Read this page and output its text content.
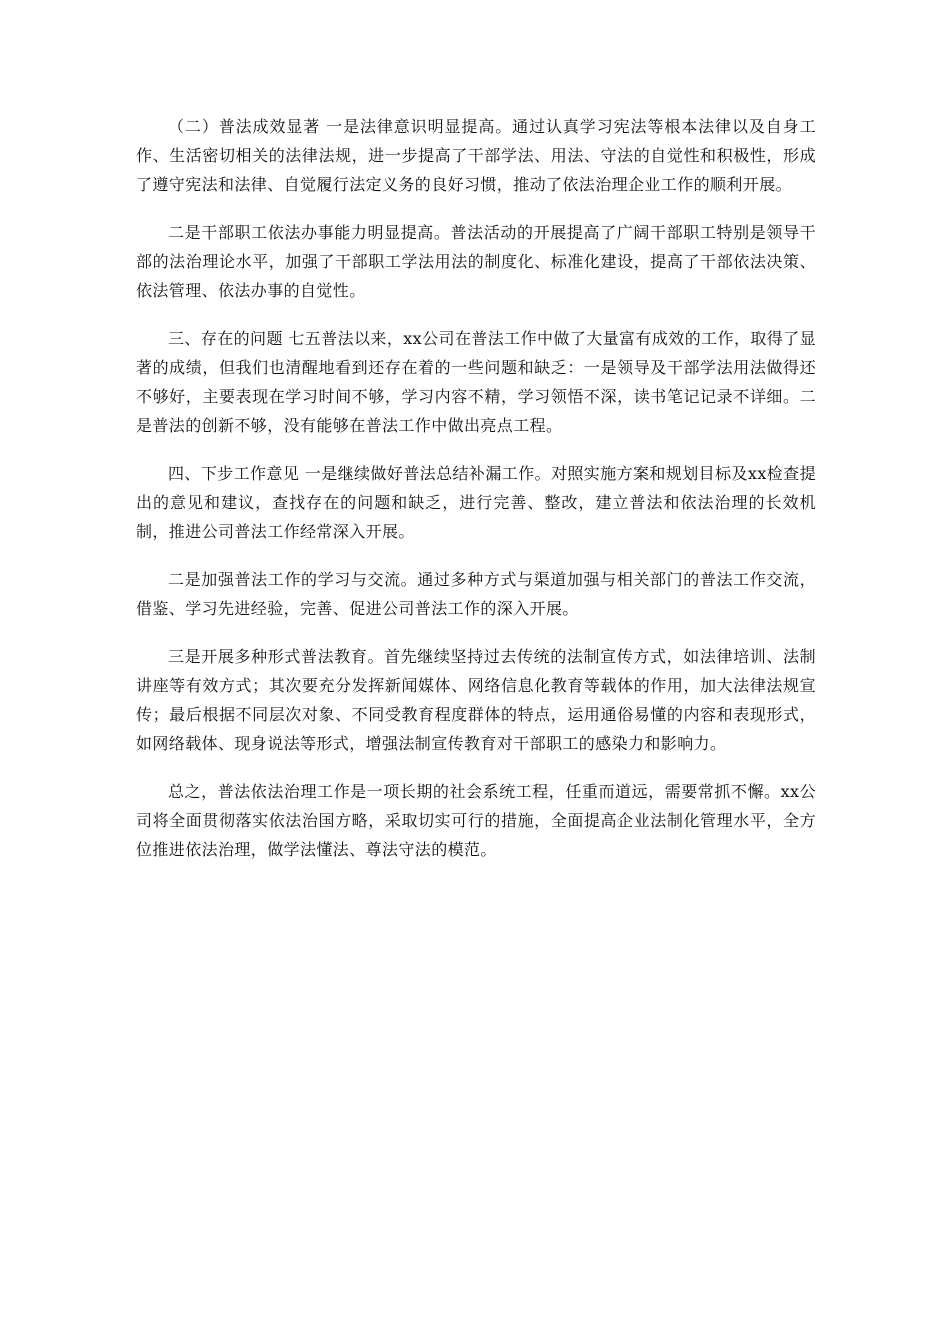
（二）普法成效显著 一是法律意识明显提高。通过认真学习宪法等根本法律以及自身工作、生活密切相关的法律法规，进一步提高了干部学法、用法、守法的自觉性和积极性，形成了遵守宪法和法律、自觉履行法定义务的良好习惯，推动了依法治理企业工作的顺利开展。

二是干部职工依法办事能力明显提高。普法活动的开展提高了广阔干部职工特别是领导干部的法治理论水平，加强了干部职工学法用法的制度化、标准化建设，提高了干部依法决策、依法管理、依法办事的自觉性。

三、存在的问题 七五普法以来，xx公司在普法工作中做了大量富有成效的工作，取得了显著的成绩，但我们也清醒地看到还存在着的一些问题和缺乏：一是领导及干部学法用法做得还不够好，主要表现在学习时间不够，学习内容不精，学习领悟不深，读书笔记记录不详细。二是普法的创新不够，没有能够在普法工作中做出亮点工程。

四、下步工作意见 一是继续做好普法总结补漏工作。对照实施方案和规划目标及xx检查提出的意见和建议，查找存在的问题和缺乏，进行完善、整改，建立普法和依法治理的长效机制，推进公司普法工作经常深入开展。

二是加强普法工作的学习与交流。通过多种方式与渠道加强与相关部门的普法工作交流，借鉴、学习先进经验，完善、促进公司普法工作的深入开展。

三是开展多种形式普法教育。首先继续坚持过去传统的法制宣传方式，如法律培训、法制讲座等有效方式；其次要充分发挥新闻媒体、网络信息化教育等载体的作用，加大法律法规宣传；最后根据不同层次对象、不同受教育程度群体的特点，运用通俗易懂的内容和表现形式，如网络载体、现身说法等形式，增强法制宣传教育对干部职工的感染力和影响力。

总之，普法依法治理工作是一项长期的社会系统工程，任重而道远，需要常抓不懈。xx公司将全面贯彻落实依法治国方略，采取切实可行的措施，全面提高企业法制化管理水平，全方位推进依法治理，做学法懂法、尊法守法的模范。
